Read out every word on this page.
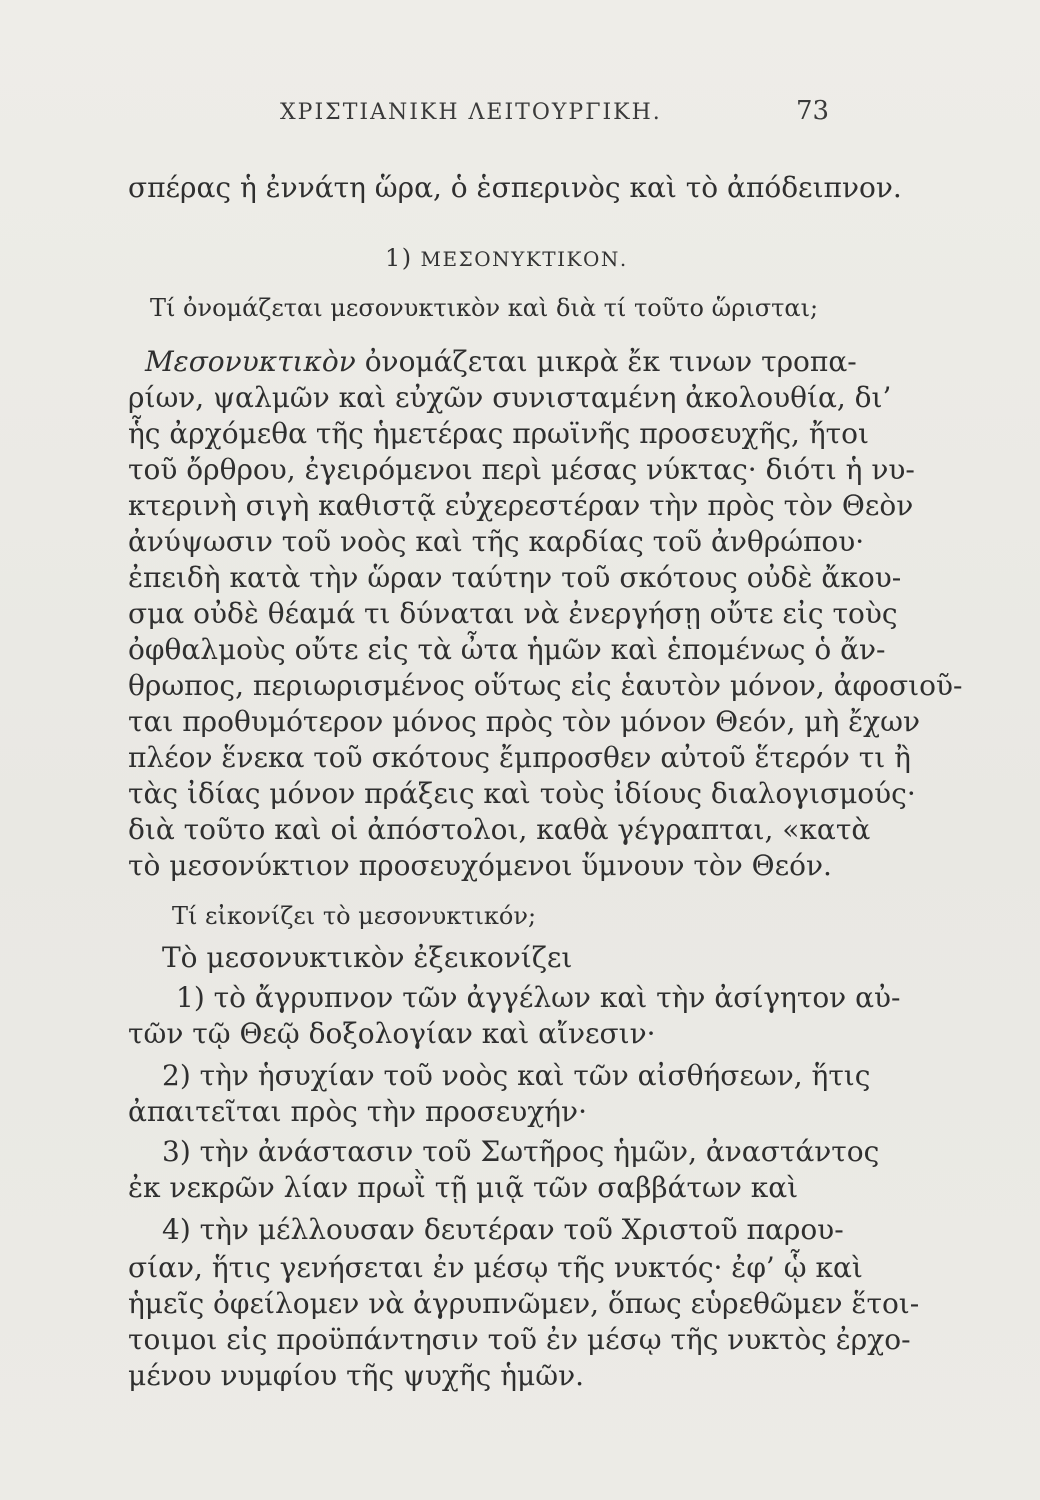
ΧΡΙΣΤΙΑΝΙΚΗ ΛΕΙΤΟΥΡΓΙΚΗ.	73
σπέρας ἡ ἐννάτη ὥρα, ὁ ἑσπερινὸς καὶ τὸ ἀπόδειπνον.
1) ΜΕΣΟΝΥΚΤΙΚΟΝ.
Τί ὀνομάζεται μεσονυκτικὸν καὶ διὰ τί τοῦτο ὥρισται;
Μεσονυκτικὸν ὀνομάζεται μικρὰ ἔκ τινων τροπα-
ρίων, ψαλμῶν καὶ εὐχῶν συνισταμένη ἀκολουθία, δι’
ἧς ἀρχόμεθα τῆς ἡμετέρας πρωϊνῆς προσευχῆς, ἤτοι
τοῦ ὄρθρου, ἐγειρόμενοι περὶ μέσας νύκτας· διότι ἡ νυ-
κτερινὴ σιγὴ καθιστᾷ εὐχερεστέραν τὴν πρὸς τὸν Θεὸν
ἀνύψωσιν τοῦ νοὸς καὶ τῆς καρδίας τοῦ ἀνθρώπου·
ἐπειδὴ κατὰ τὴν ὥραν ταύτην τοῦ σκότους οὐδὲ ἄκου-
σμα οὐδὲ θέαμά τι δύναται νὰ ἐνεργήσῃ οὔτε εἰς τοὺς
ὀφθαλμοὺς οὔτε εἰς τὰ ὦτα ἡμῶν καὶ ἑπομένως ὁ ἄν-
θρωπος, περιωρισμένος οὕτως εἰς ἑαυτὸν μόνον, ἀφοσιοῦ-
ται προθυμότερον μόνος πρὸς τὸν μόνον Θεόν, μὴ ἔχων
πλέον ἕνεκα τοῦ σκότους ἔμπροσθεν αὐτοῦ ἕτερόν τι ἢ
τὰς ἰδίας μόνον πράξεις καὶ τοὺς ἰδίους διαλογισμούς·
διὰ τοῦτο καὶ οἱ ἀπόστολοι, καθὰ γέγραπται, «κατὰ
τὸ μεσονύκτιον προσευχόμενοι ὕμνουν τὸν Θεόν.
Τί εἰκονίζει τὸ μεσονυκτικόν;
Τὸ μεσονυκτικὸν ἐξεικονίζει
1) τὸ ἄγρυπνον τῶν ἀγγέλων καὶ τὴν ἀσίγητον αὐ-
τῶν τῷ Θεῷ δοξολογίαν καὶ αἴνεσιν·
2) τὴν ἡσυχίαν τοῦ νοὸς καὶ τῶν αἰσθήσεων, ἥτις
ἀπαιτεῖται πρὸς τὴν προσευχήν·
3) τὴν ἀνάστασιν τοῦ Σωτῆρος ἡμῶν, ἀναστάντος
ἐκ νεκρῶν λίαν πρωῒ τῇ μιᾷ τῶν σαββάτων καὶ
4) τὴν μέλλουσαν δευτέραν τοῦ Χριστοῦ παρου-
σίαν, ἥτις γενήσεται ἐν μέσῳ τῆς νυκτός· ἐφ’ ᾧ καὶ
ἡμεῖς ὀφείλομεν νὰ ἀγρυπνῶμεν, ὅπως εὑρεθῶμεν ἕτοι-
τοιμοι εἰς προϋπάντησιν τοῦ ἐν μέσῳ τῆς νυκτὸς ἐρχο-
μένου νυμφίου τῆς ψυχῆς ἡμῶν.
